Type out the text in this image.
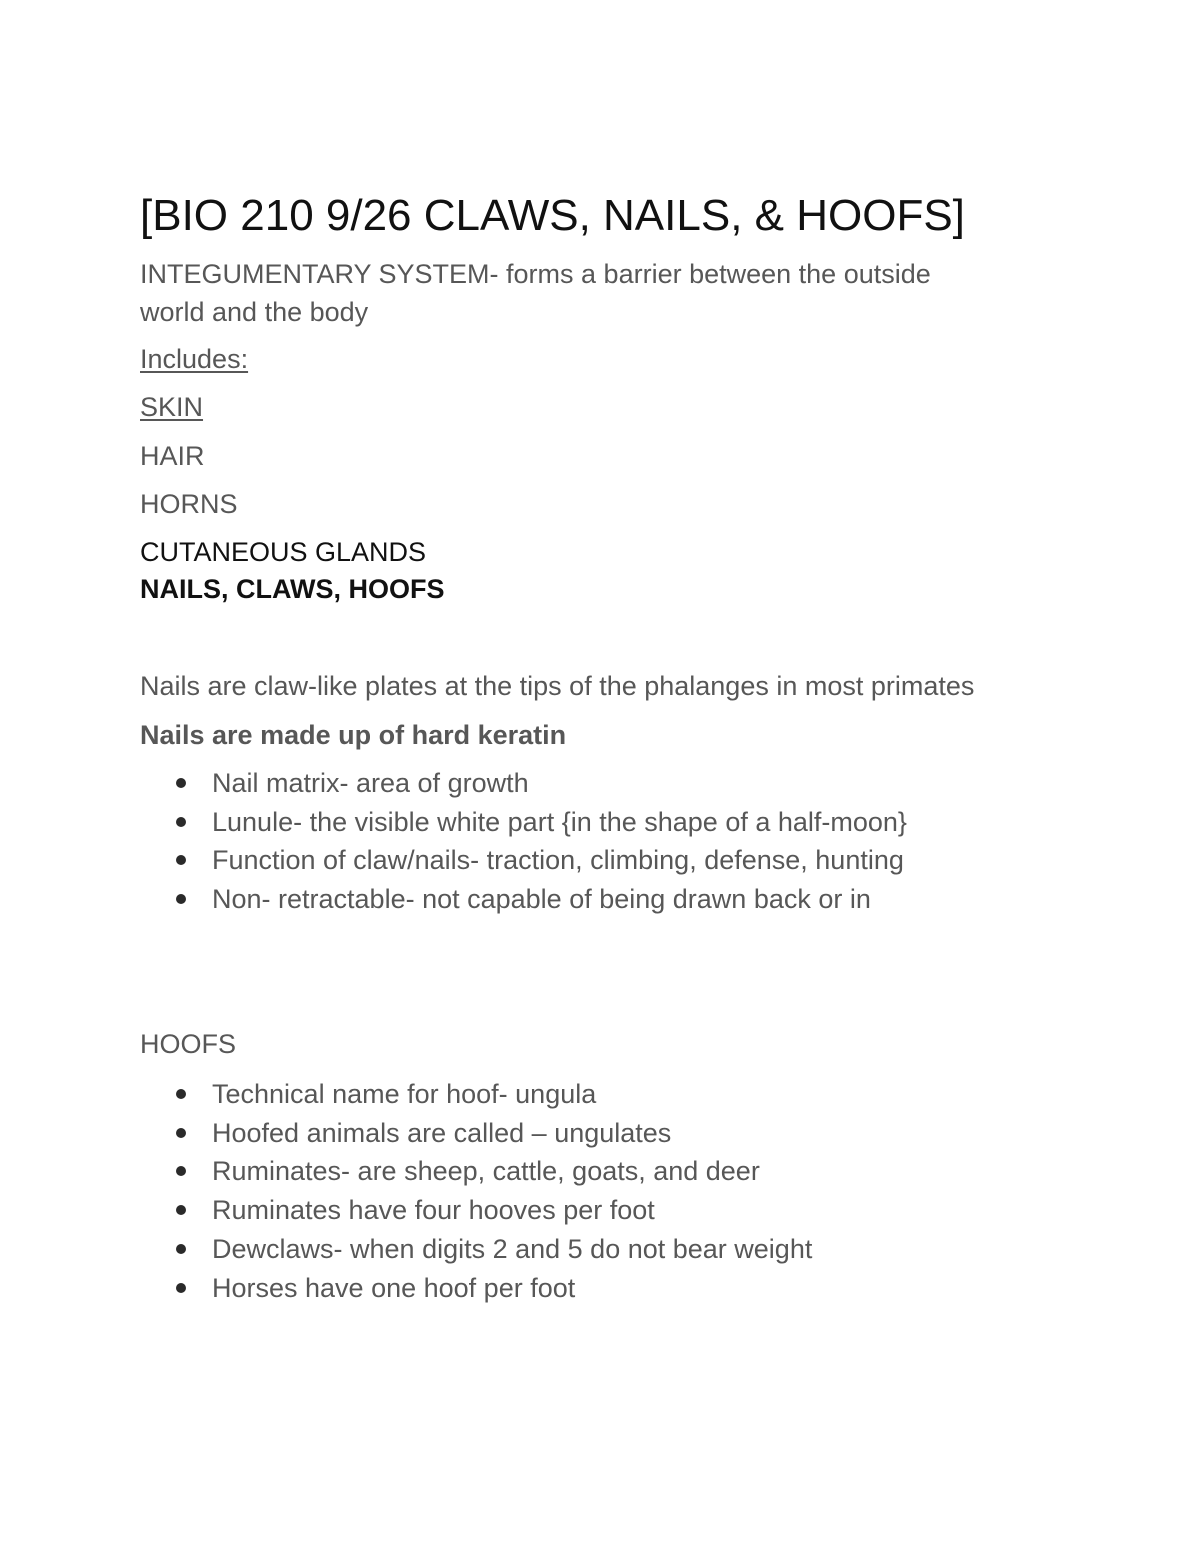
[BIO 210 9/26 CLAWS, NAILS, & HOOFS]
INTEGUMENTARY SYSTEM- forms a barrier between the outside
world and the body
Includes:
SKIN
HAIR
HORNS
CUTANEOUS GLANDS
NAILS, CLAWS, HOOFS
Nails are claw-like plates at the tips of the phalanges in most primates
Nails are made up of hard keratin
Nail matrix- area of growth
Lunule- the visible white part {in the shape of a half-moon}
Function of claw/nails- traction, climbing, defense, hunting
Non- retractable- not capable of being drawn back or in
HOOFS
Technical name for hoof- ungula
Hoofed animals are called – ungulates
Ruminates- are sheep, cattle, goats, and deer
Ruminates have four hooves per foot
Dewclaws- when digits 2 and 5 do not bear weight
Horses have one hoof per foot
